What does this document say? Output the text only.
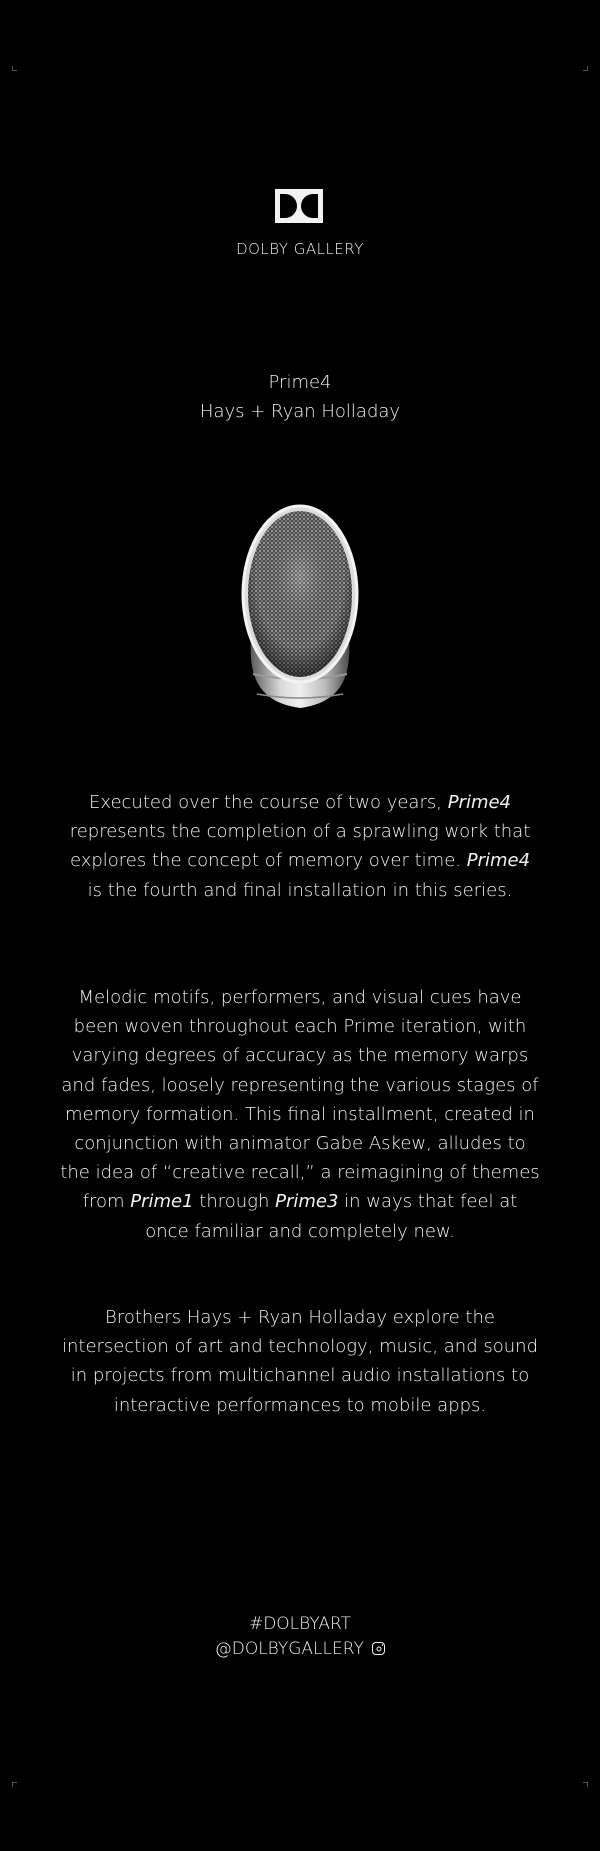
DOLBY GALLERY
Prime4
Hays + Ryan Holladay

Executed over the course of two years, Prime4 represents the completion of a sprawling work that explores the concept of memory over time. Prime4 is the fourth and final installation in this series.

Melodic motifs, performers, and visual cues have been woven throughout each Prime iteration, with varying degrees of accuracy as the memory warps and fades, loosely representing the various stages of memory formation. This final installment, created in conjunction with animator Gabe Askew, alludes to the idea of “creative recall,” a reimagining of themes from Prime1 through Prime3 in ways that feel at once familiar and completely new.

Brothers Hays + Ryan Holladay explore the intersection of art and technology, music, and sound in projects from multichannel audio installations to interactive performances to mobile apps.

#DOLBYART
@DOLBYGALLERY
